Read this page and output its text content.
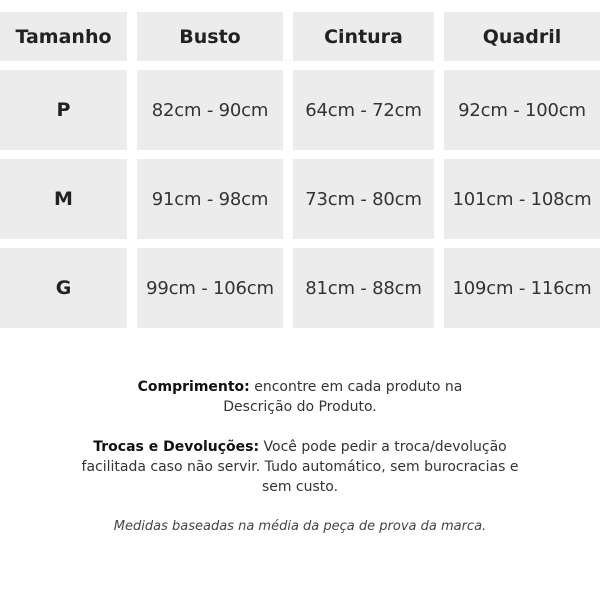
Tamanho	Busto	Cintura	Quadril
P	82cm - 90cm	64cm - 72cm	92cm - 100cm
M	91cm - 98cm	73cm - 80cm	101cm - 108cm
G	99cm - 106cm	81cm - 88cm	109cm - 116cm

Comprimento: encontre em cada produto na Descrição do Produto.

Trocas e Devoluções: Você pode pedir a troca/devolução facilitada caso não servir. Tudo automático, sem burocracias e sem custo.

Medidas baseadas na média da peça de prova da marca.
